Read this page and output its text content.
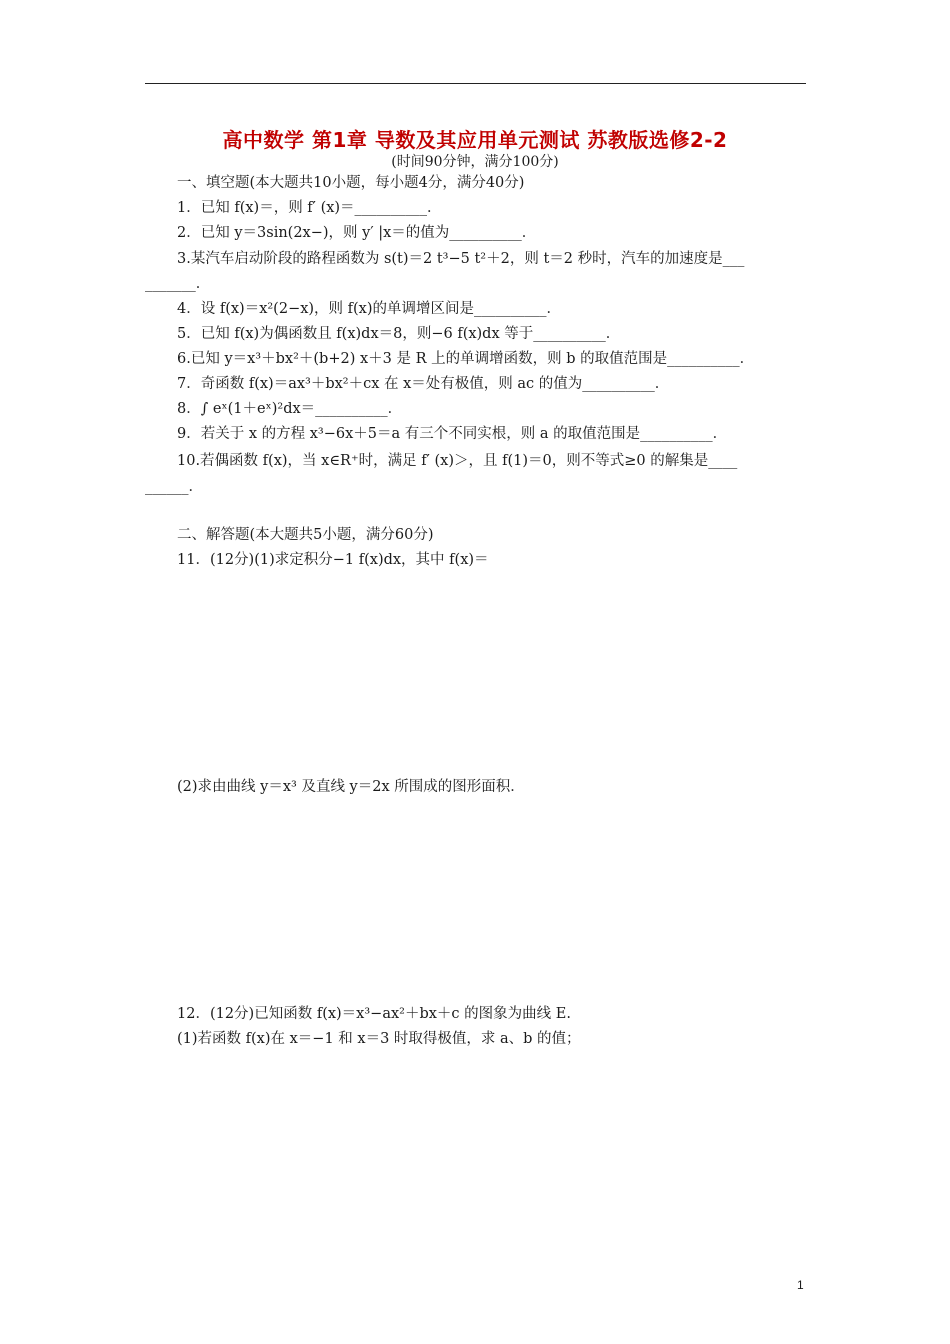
高中数学 第1章 导数及其应用单元测试 苏教版选修2-2
(时间90分钟，满分100分)
一、填空题(本大题共10小题，每小题4分，满分40分)
1．已知 f(x)＝，则 f′ (x)＝__________．
2．已知 y＝3sin(2x−)，则 y′ |x＝的值为__________．
3.某汽车启动阶段的路程函数为 s(t)＝2 t³−5 t²＋2，则 t＝2 秒时，汽车的加速度是___
_______．
4．设 f(x)＝x²(2−x)，则 f(x)的单调增区间是__________．
5．已知 f(x)为偶函数且 f(x)dx＝8，则−6 f(x)dx 等于__________．
6.已知 y＝x³＋bx²＋(b+2) x＋3 是 R 上的单调增函数，则 b 的取值范围是__________．
7．奇函数 f(x)＝ax³＋bx²＋cx 在 x＝处有极值，则 ac 的值为__________．
8．∫ eˣ(1＋eˣ)²dx＝__________．
9．若关于 x 的方程 x³−6x＋5＝a 有三个不同实根，则 a 的取值范围是__________．
10.若偶函数 f(x)，当 x∈R⁺时，满足 f′ (x)＞，且 f(1)＝0，则不等式≥0 的解集是____
______．
二、解答题(本大题共5小题，满分60分)
11．(12分)(1)求定积分−1 f(x)dx，其中 f(x)＝
(2)求由曲线 y＝x³ 及直线 y＝2x 所围成的图形面积．
12．(12分)已知函数 f(x)＝x³−ax²＋bx＋c 的图象为曲线 E.
(1)若函数 f(x)在 x＝−1 和 x＝3 时取得极值，求 a、b 的值；
1
